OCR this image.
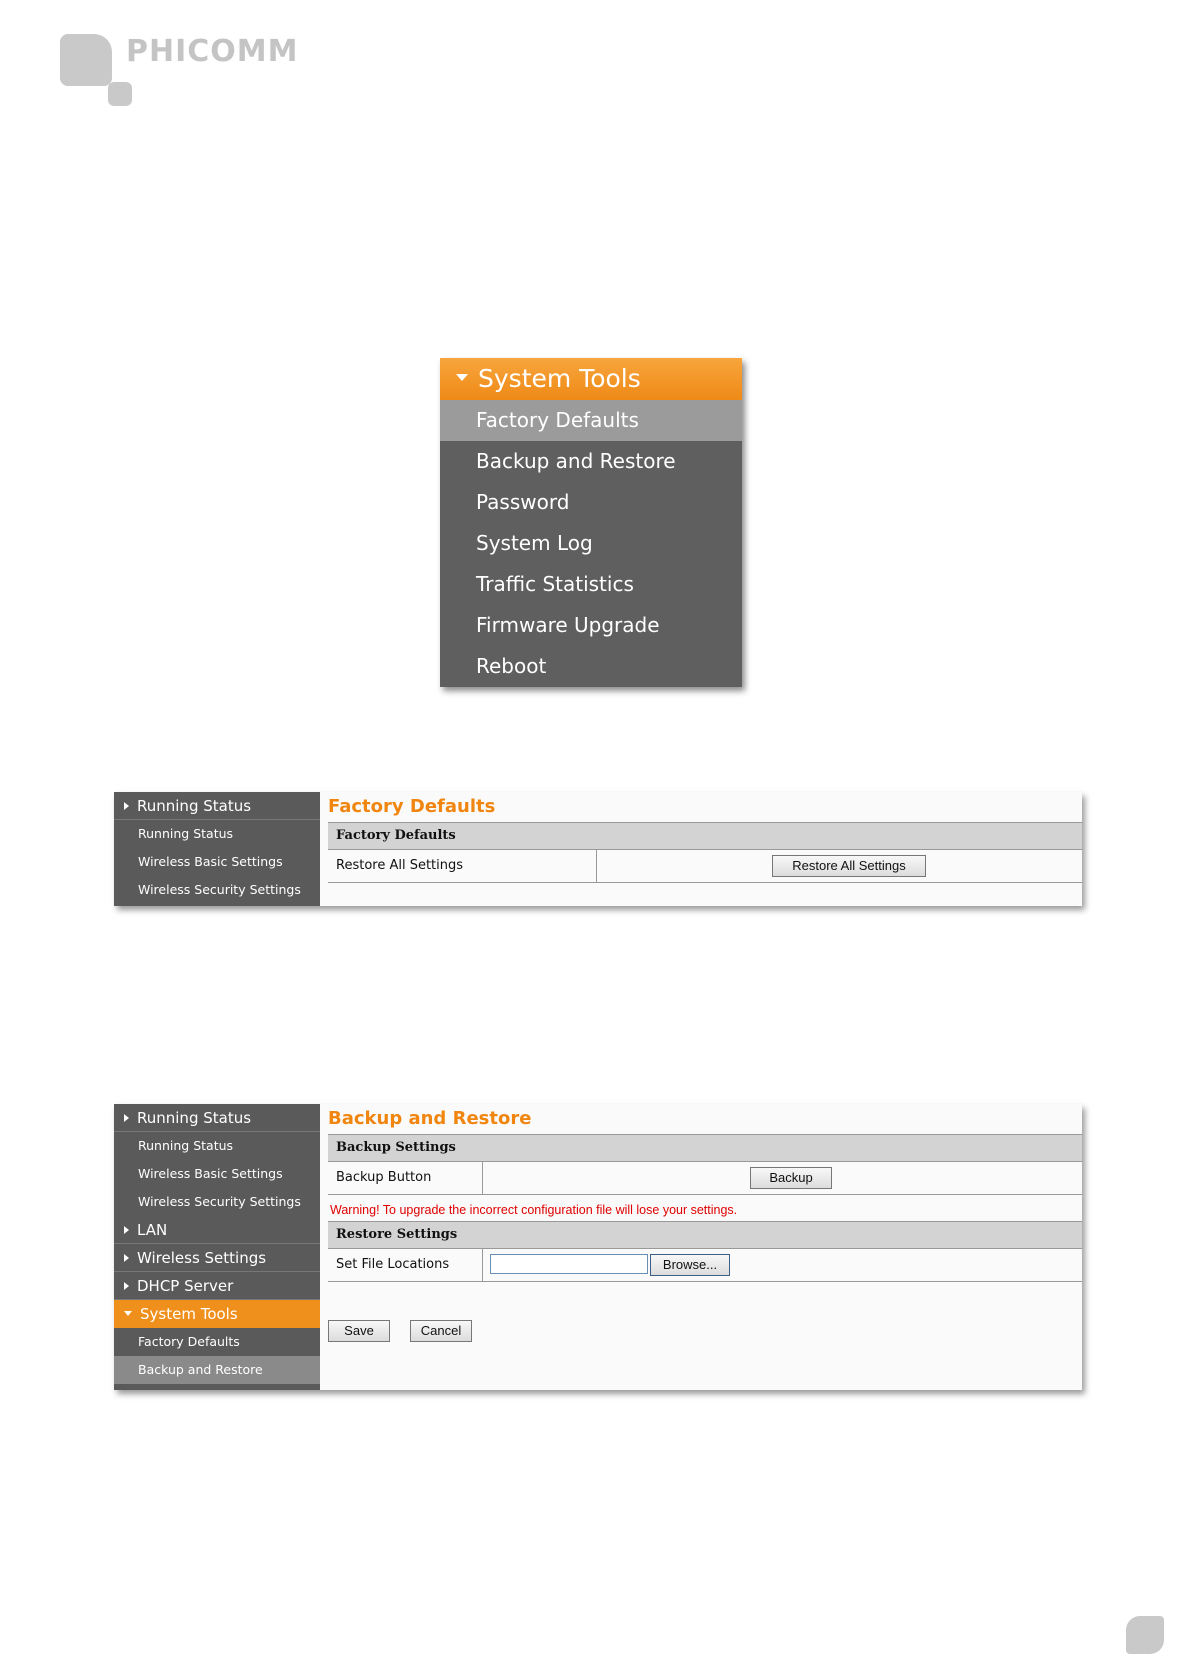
PHICOMM
System Tools
Factory Defaults
Backup and Restore
Password
System Log
Traffic Statistics
Firmware Upgrade
Reboot
Running Status
Running Status
Wireless Basic Settings
Wireless Security Settings
Factory Defaults
Factory Defaults
Restore All Settings	Restore All Settings
Running Status
Running Status
Wireless Basic Settings
Wireless Security Settings
LAN
Wireless Settings
DHCP Server
System Tools
Factory Defaults
Backup and Restore
Backup and Restore
Backup Settings
Backup Button	Backup
Warning! To upgrade the incorrect configuration file will lose your settings.
Restore Settings
Set File Locations	Browse...
Save	Cancel
